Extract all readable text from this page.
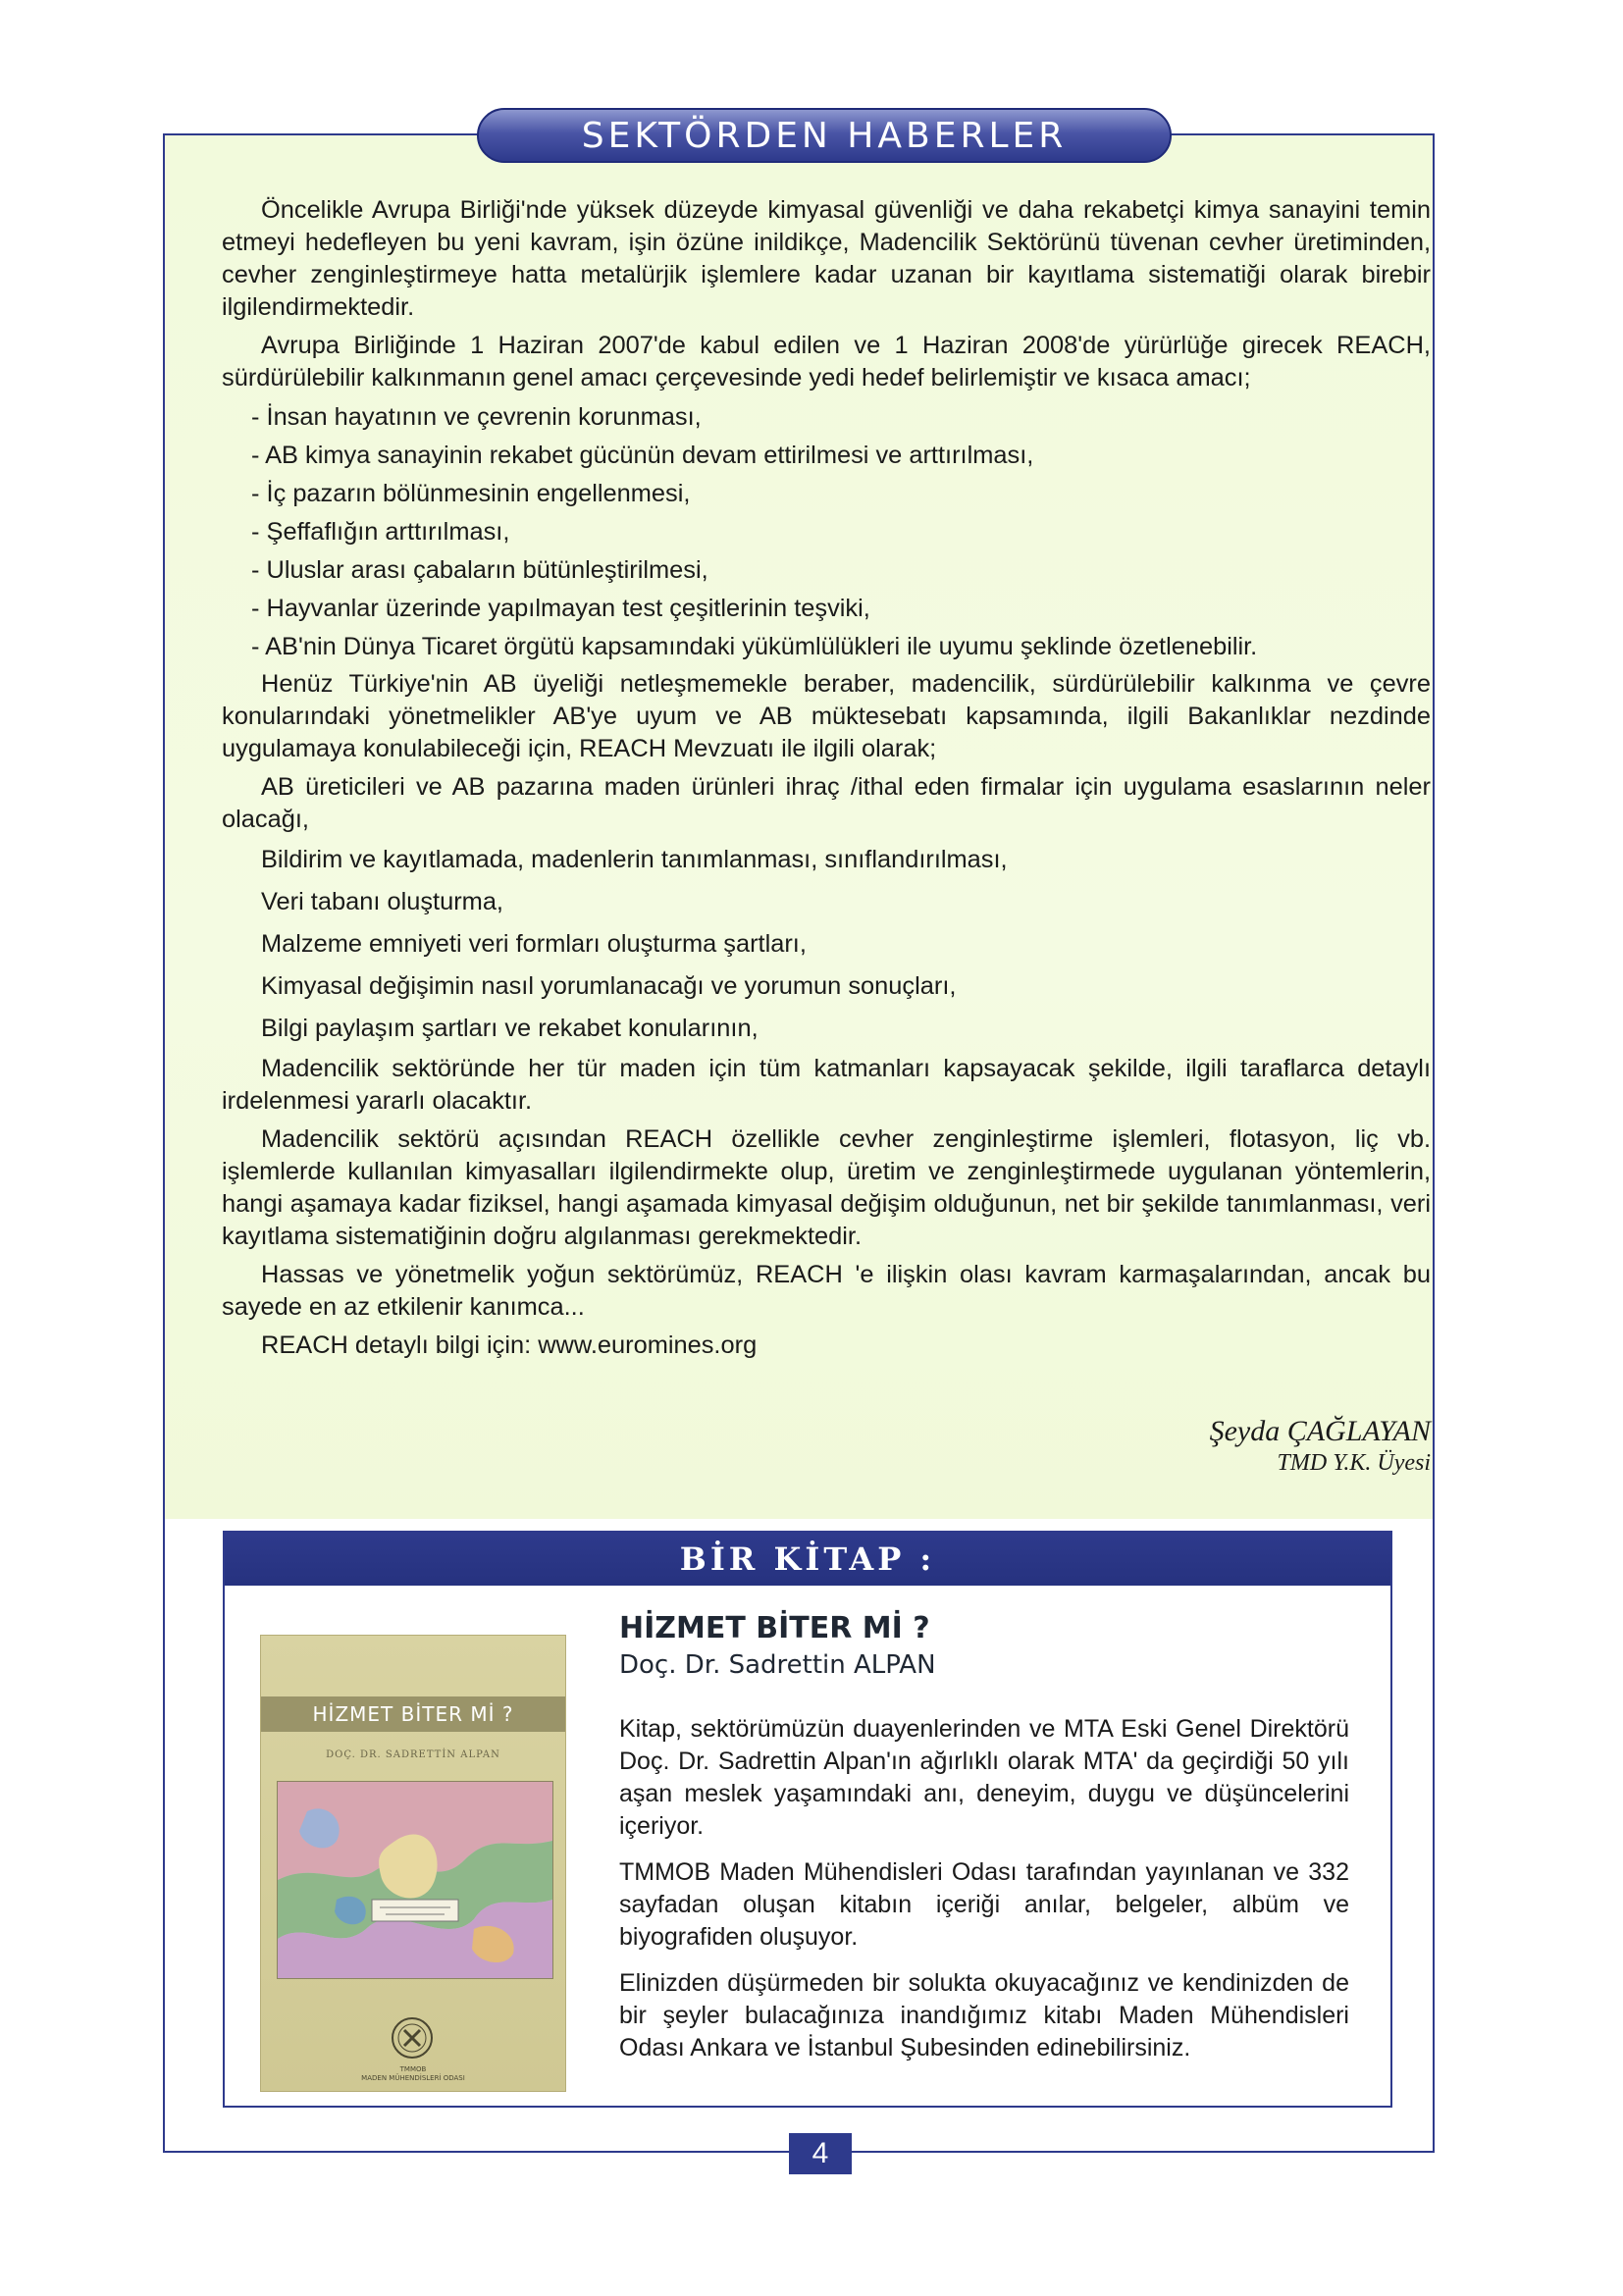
SEKTÖRDEN HABERLER

Öncelikle Avrupa Birliği'nde yüksek düzeyde kimyasal güvenliği ve daha rekabetçi kimya sanayini temin etmeyi hedefleyen bu yeni kavram, işin özüne inildikçe, Madencilik Sektörünü tüvenan cevher üretiminden, cevher zenginleştirmeye hatta metalürjik işlemlere kadar uzanan bir kayıtlama sistematiği olarak birebir ilgilendirmektedir.

Avrupa Birliğinde 1 Haziran 2007'de kabul edilen ve 1 Haziran 2008'de yürürlüğe girecek REACH, sürdürülebilir kalkınmanın genel amacı çerçevesinde yedi hedef belirlemiştir ve kısaca amacı;

- İnsan hayatının ve çevrenin korunması,

- AB kimya sanayinin rekabet gücünün devam ettirilmesi ve arttırılması,

- İç pazarın bölünmesinin engellenmesi,

- Şeffaflığın arttırılması,

- Uluslar arası çabaların bütünleştirilmesi,

- Hayvanlar üzerinde yapılmayan test çeşitlerinin teşviki,

- AB'nin Dünya Ticaret örgütü kapsamındaki yükümlülükleri ile uyumu şeklinde özetlenebilir.

Henüz Türkiye'nin AB üyeliği netleşmemekle beraber, madencilik, sürdürülebilir kalkınma ve çevre konularındaki yönetmelikler AB'ye uyum ve AB müktesebatı kapsamında, ilgili Bakanlıklar nezdinde uygulamaya konulabileceği için, REACH Mevzuatı ile ilgili olarak;

AB üreticileri ve AB pazarına maden ürünleri ihraç /ithal eden firmalar için uygulama esaslarının neler olacağı,

Bildirim ve kayıtlamada, madenlerin tanımlanması, sınıflandırılması,

Veri tabanı oluşturma,

Malzeme emniyeti veri formları oluşturma şartları,

Kimyasal değişimin nasıl yorumlanacağı ve yorumun sonuçları,

Bilgi paylaşım şartları ve rekabet konularının,

Madencilik sektöründe her tür maden için tüm katmanları kapsayacak şekilde, ilgili taraflarca detaylı irdelenmesi yararlı olacaktır.

Madencilik sektörü açısından REACH özellikle cevher zenginleştirme işlemleri, flotasyon, liç vb. işlemlerde kullanılan kimyasalları ilgilendirmekte olup, üretim ve zenginleştirmede uygulanan yöntemlerin, hangi aşamaya kadar fiziksel, hangi aşamada kimyasal değişim olduğunun, net bir şekilde tanımlanması, veri kayıtlama sistematiğinin doğru algılanması gerekmektedir.

Hassas ve yönetmelik yoğun sektörümüz, REACH 'e ilişkin olası kavram karmaşalarından, ancak bu sayede en az etkilenir kanımca...

REACH detaylı bilgi için: www.euromines.org

Şeyda ÇAĞLAYAN
TMD Y.K. Üyesi
BİR KİTAP :
HİZMET BİTER Mİ ?
DOÇ. DR. SADRETTİN ALPAN
TMMOB
MADEN MÜHENDİSLERİ ODASI
HİZMET BİTER Mİ ?
Doç. Dr. Sadrettin ALPAN

Kitap, sektörümüzün duayenlerinden ve MTA Eski Genel Direktörü Doç. Dr. Sadrettin Alpan'ın ağırlıklı olarak MTA' da geçirdiği 50 yılı aşan meslek yaşamındaki anı, deneyim, duygu ve düşüncelerini içeriyor.

TMMOB Maden Mühendisleri Odası tarafından yayınlanan ve 332 sayfadan oluşan kitabın içeriği anılar, belgeler, albüm ve biyografiden oluşuyor.

Elinizden düşürmeden bir solukta okuyacağınız ve kendinizden de bir şeyler bulacağınıza inandığımız kitabı Maden Mühendisleri Odası Ankara ve İstanbul Şubesinden edinebilirsiniz.

4
